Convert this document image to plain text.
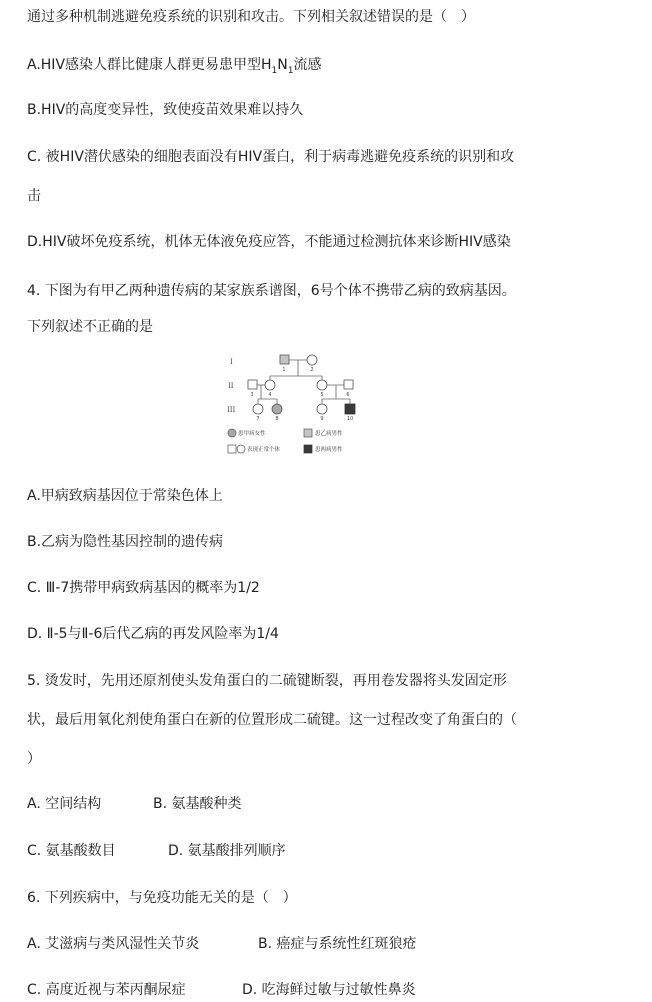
通过多种机制逃避免疫系统的识别和攻击。下列相关叙述错误的是（　）
A.HIV感染人群比健康人群更易患甲型$H_1N_1$流感
B.HIV的高度变异性，致使疫苗效果难以持久
C. 被HIV潜伏感染的细胞表面没有HIV蛋白，利于病毒逃避免疫系统的识别和攻
击
D.HIV破坏免疫系统，机体无体液免疫应答，不能通过检测抗体来诊断HIV感染
4. 下图为有甲乙两种遗传病的某家族系谱图，6号个体不携带乙病的致病基因。
下列叙述不正确的是
I
II
III
1	2
3	4	5	6
7	8	9	10
患甲病女性	患乙病男性
表现正常个体	患两病男性
A.甲病致病基因位于常染色体上
B.乙病为隐性基因控制的遗传病
C. Ⅲ-7携带甲病致病基因的概率为1/2
D. Ⅱ-5与Ⅱ-6后代乙病的再发风险率为1/4
5. 烫发时，先用还原剂使头发角蛋白的二硫键断裂，再用卷发器将头发固定形
状，最后用氧化剂使角蛋白在新的位置形成二硫键。这一过程改变了角蛋白的（
）
A. 空间结构	B. 氨基酸种类
C. 氨基酸数目	D. 氨基酸排列顺序
6. 下列疾病中，与免疫功能无关的是（　）
A. 艾滋病与类风湿性关节炎	B. 癌症与系统性红斑狼疮
C. 高度近视与苯丙酮尿症	D. 吃海鲜过敏与过敏性鼻炎
